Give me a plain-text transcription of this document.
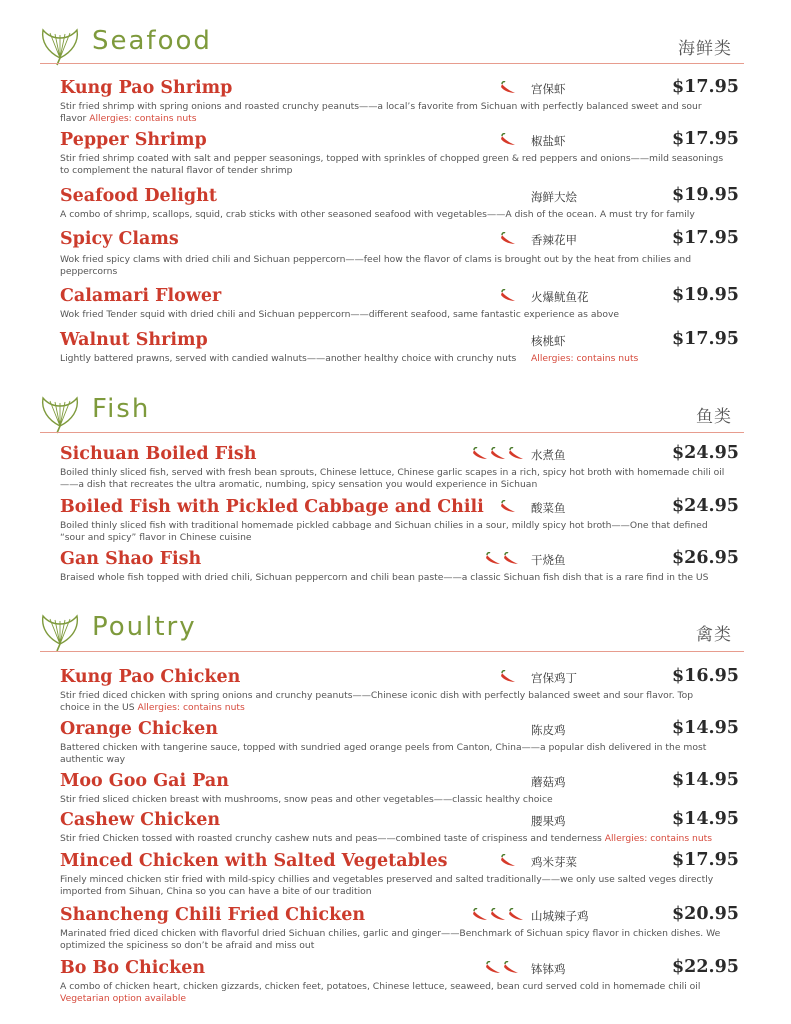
Seafood	海鲜类
Kung Pao Shrimp	宫保虾	$17.95
Stir fried shrimp with spring onions and roasted crunchy peanuts——a local’s favorite from Sichuan with perfectly balanced sweet and sour flavor Allergies: contains nuts
Pepper Shrimp	椒盐虾	$17.95
Stir fried shrimp coated with salt and pepper seasonings, topped with sprinkles of chopped green & red peppers and onions——mild seasonings to complement the natural flavor of tender shrimp
Seafood Delight	海鲜大烩	$19.95
A combo of shrimp, scallops, squid, crab sticks with other seasoned seafood with vegetables——A dish of the ocean. A must try for family
Spicy Clams	香辣花甲	$17.95
Wok fried spicy clams with dried chili and Sichuan peppercorn——feel how the flavor of clams is brought out by the heat from chilies and peppercorns
Calamari Flower	火爆鱿鱼花	$19.95
Wok fried Tender squid with dried chili and Sichuan peppercorn——different seafood, same fantastic experience as above
Walnut Shrimp	核桃虾	$17.95
Lightly battered prawns, served with candied walnuts——another healthy choice with crunchy nuts	Allergies: contains nuts
Fish	鱼类
Sichuan Boiled Fish	水煮鱼	$24.95
Boiled thinly sliced fish, served with fresh bean sprouts, Chinese lettuce, Chinese garlic scapes in a rich, spicy hot broth with homemade chili oil——a dish that recreates the ultra aromatic, numbing, spicy sensation you would experience in Sichuan
Boiled Fish with Pickled Cabbage and Chili	酸菜鱼	$24.95
Boiled thinly sliced fish with traditional homemade pickled cabbage and Sichuan chilies in a sour, mildly spicy hot broth——One that defined “sour and spicy” flavor in Chinese cuisine
Gan Shao Fish	干烧鱼	$26.95
Braised whole fish topped with dried chili, Sichuan peppercorn and chili bean paste——a classic Sichuan fish dish that is a rare find in the US
Poultry	禽类
Kung Pao Chicken	宫保鸡丁	$16.95
Stir fried diced chicken with spring onions and crunchy peanuts——Chinese iconic dish with perfectly balanced sweet and sour flavor. Top choice in the US Allergies: contains nuts
Orange Chicken	陈皮鸡	$14.95
Battered chicken with tangerine sauce, topped with sundried aged orange peels from Canton, China——a popular dish delivered in the most authentic way
Moo Goo Gai Pan	蘑菇鸡	$14.95
Stir fried sliced chicken breast with mushrooms, snow peas and other vegetables——classic healthy choice
Cashew Chicken	腰果鸡	$14.95
Stir fried Chicken tossed with roasted crunchy cashew nuts and peas——combined taste of crispiness and tenderness Allergies: contains nuts
Minced Chicken with Salted Vegetables	鸡米芽菜	$17.95
Finely minced chicken stir fried with mild-spicy chillies and vegetables preserved and salted traditionally——we only use salted veges directly imported from Sihuan, China so you can have a bite of our tradition
Shancheng Chili Fried Chicken	山城辣子鸡	$20.95
Marinated fried diced chicken with flavorful dried Sichuan chilies, garlic and ginger——Benchmark of Sichuan spicy flavor in chicken dishes. We optimized the spiciness so don’t be afraid and miss out
Bo Bo Chicken	钵钵鸡	$22.95
A combo of chicken heart, chicken gizzards, chicken feet, potatoes, Chinese lettuce, seaweed, bean curd served cold in homemade chili oil
Vegetarian option available
